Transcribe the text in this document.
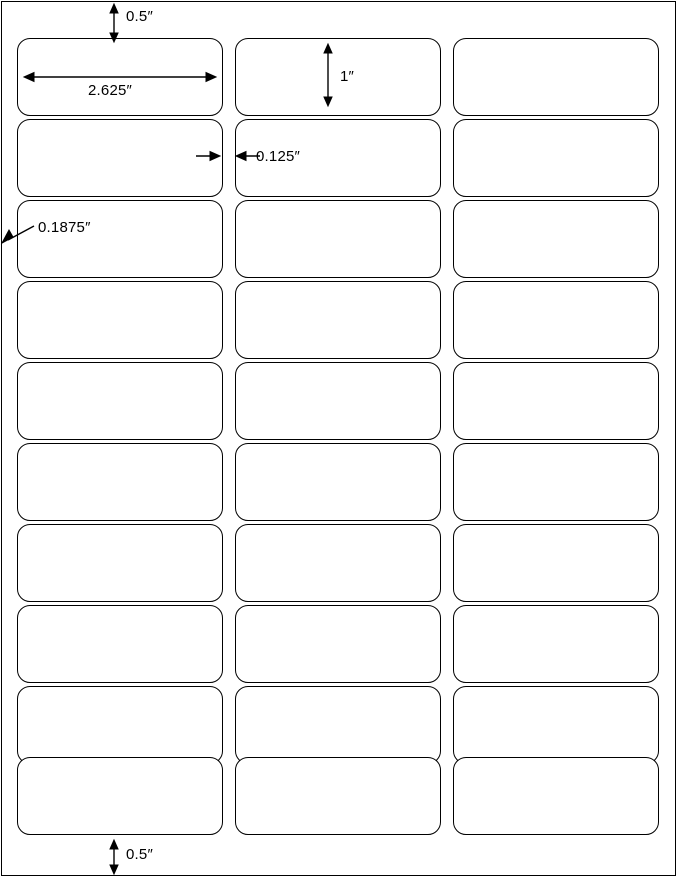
0.5″
2.625″
1″
0.125″
0.1875″
0.5″
